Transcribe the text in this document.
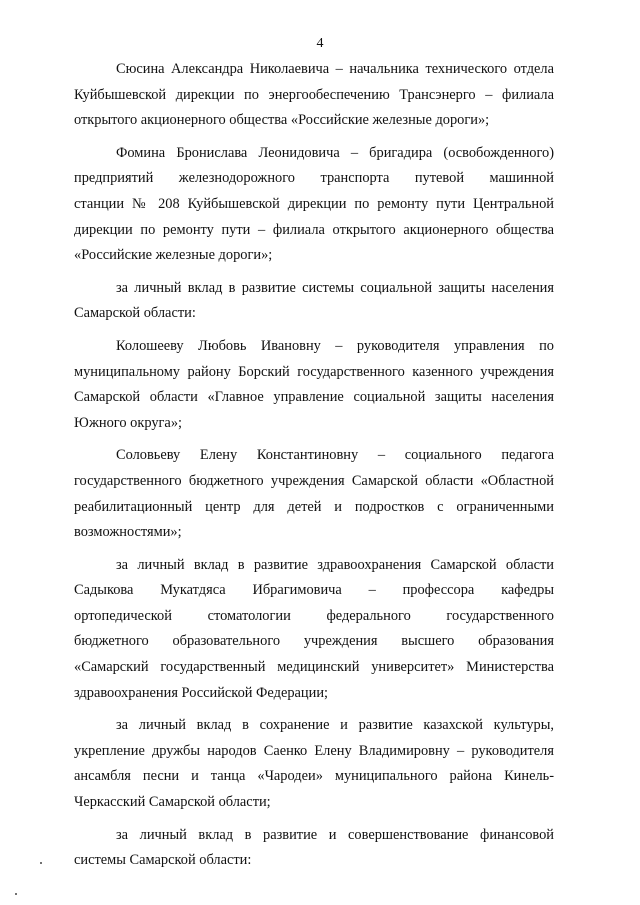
4
Сюсина Александра Николаевича – начальника технического отдела
Куйбышевской дирекции по энергообеспечению Трансэнерго – филиала
открытого акционерного общества «Российские железные дороги»;
Фомина Бронислава Леонидовича – бригадира (освобожденного)
предприятий железнодорожного транспорта путевой машинной
станции № 208 Куйбышевской дирекции по ремонту пути Центральной
дирекции по ремонту пути – филиала открытого акционерного общества
«Российские железные дороги»;
за личный вклад в развитие системы социальной защиты населения
Самарской области:
Колошееву Любовь Ивановну – руководителя управления по
муниципальному району Борский государственного казенного учреждения
Самарской области «Главное управление социальной защиты населения
Южного округа»;
Соловьеву Елену Константиновну – социального педагога
государственного бюджетного учреждения Самарской области «Областной
реабилитационный центр для детей и подростков с ограниченными
возможностями»;
за личный вклад в развитие здравоохранения Самарской области
Садыкова Мукатдяса Ибрагимовича – профессора кафедры
ортопедической стоматологии федерального государственного
бюджетного образовательного учреждения высшего образования
«Самарский государственный медицинский университет» Министерства
здравоохранения Российской Федерации;
за личный вклад в сохранение и развитие казахской культуры,
укрепление дружбы народов Саенко Елену Владимировну – руководителя
ансамбля песни и танца «Чародеи» муниципального района Кинель-
Черкасский Самарской области;
за личный вклад в развитие и совершенствование финансовой
системы Самарской области:
